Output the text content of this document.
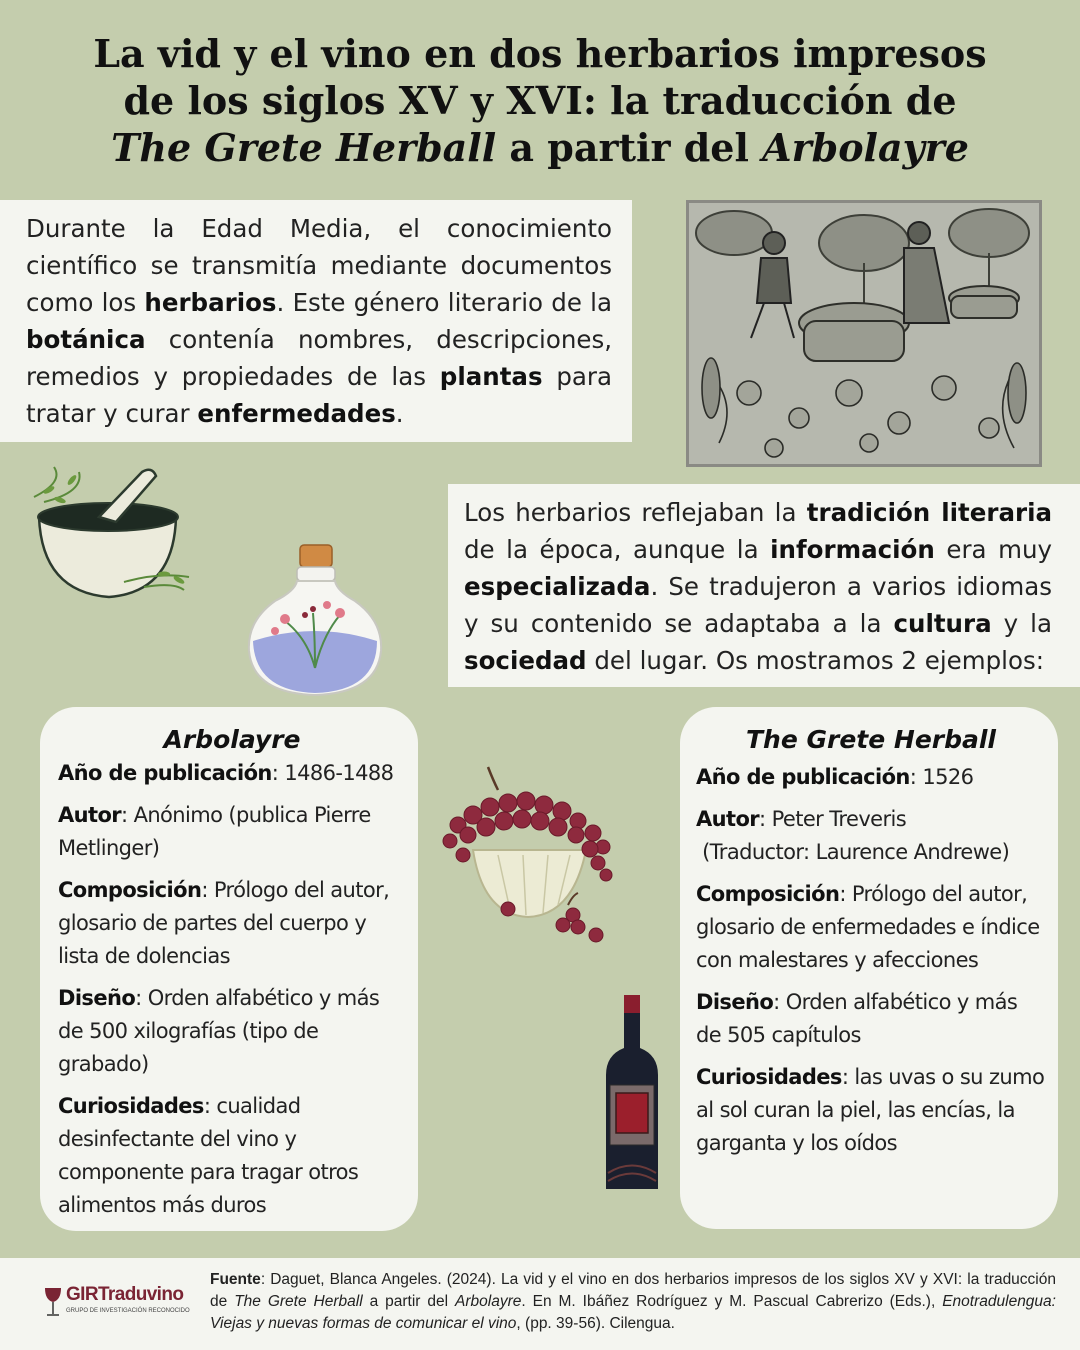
La vid y el vino en dos herbarios impresos
de los siglos XV y XVI: la traducción de
The Grete Herball a partir del Arbolayre

Durante la Edad Media, el conocimiento científico se transmitía mediante documentos como los herbarios. Este género literario de la botánica contenía nombres, descripciones, remedios y propiedades de las plantas para tratar y curar enfermedades.

Los herbarios reflejaban la tradición literaria de la época, aunque la información era muy especializada. Se tradujeron a varios idiomas y su contenido se adaptaba a la cultura y la sociedad del lugar. Os mostramos 2 ejemplos:

Arbolayre

Año de publicación: 1486-1488

Autor: Anónimo (publica Pierre Metlinger)

Composición: Prólogo del autor, glosario de partes del cuerpo y lista de dolencias

Diseño: Orden alfabético y más de 500 xilografías (tipo de grabado)

Curiosidades: cualidad desinfectante del vino y componente para tragar otros alimentos más duros

The Grete Herball

Año de publicación: 1526

Autor: Peter Treveris
(Traductor: Laurence Andrewe)

Composición: Prólogo del autor, glosario de enfermedades e índice con malestares y afecciones

Diseño: Orden alfabético y más de 505 capítulos

Curiosidades: las uvas o su zumo al sol curan la piel, las encías, la garganta y los oídos

GIRTraduvino
GRUPO DE INVESTIGACIÓN RECONOCIDO
Fuente: Daguet, Blanca Angeles. (2024). La vid y el vino en dos herbarios impresos de los siglos XV y XVI: la traducción de The Grete Herball a partir del Arbolayre. En M. Ibáñez Rodríguez y M. Pascual Cabrerizo (Eds.), Enotradulengua: Viejas y nuevas formas de comunicar el vino, (pp. 39-56). Cilengua.
